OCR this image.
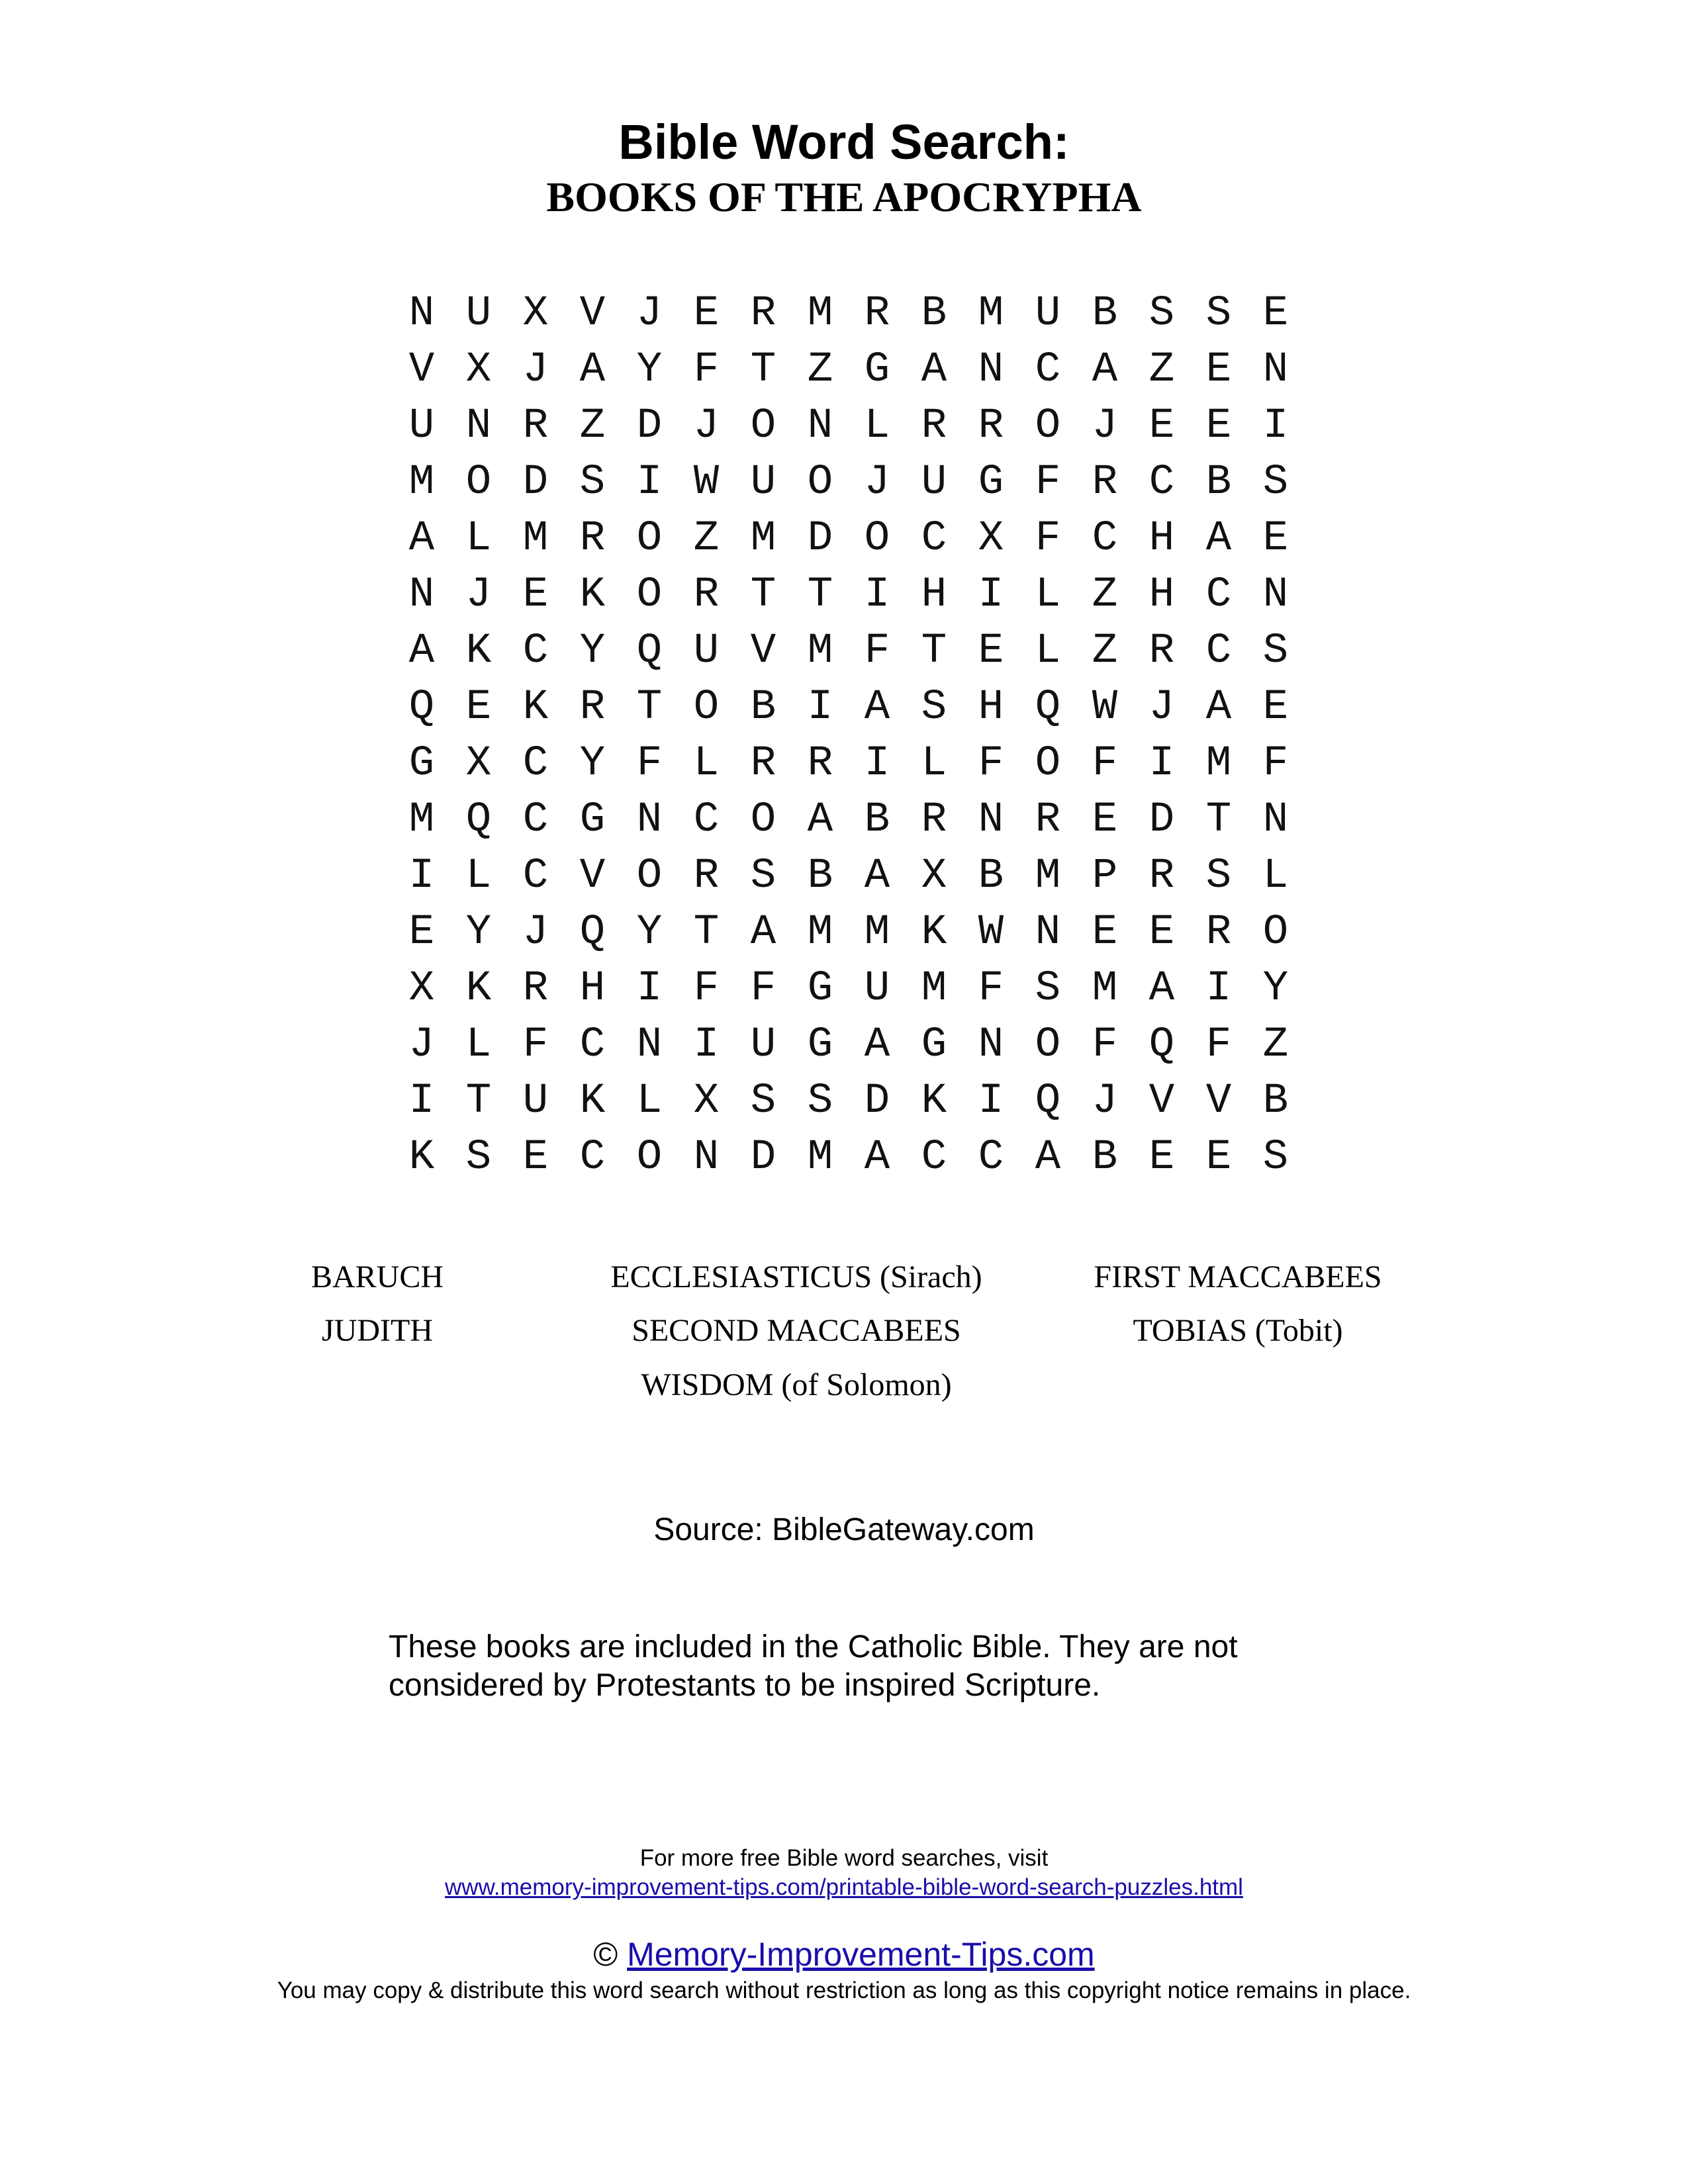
Bible Word Search:
BOOKS OF THE APOCRYPHA
N U X V J E R M R B M U B S S E
V X J A Y F T Z G A N C A Z E N
U N R Z D J O N L R R O J E E I
M O D S I W U O J U G F R C B S
A L M R O Z M D O C X F C H A E
N J E K O R T T I H I L Z H C N
A K C Y Q U V M F T E L Z R C S
Q E K R T O B I A S H Q W J A E
G X C Y F L R R I L F O F I M F
M Q C G N C O A B R N R E D T N
I L C V O R S B A X B M P R S L
E Y J Q Y T A M M K W N E E R O
X K R H I F F G U M F S M A I Y
J L F C N I U G A G N O F Q F Z
I T U K L X S S D K I Q J V V B
K S E C O N D M A C C A B E E S
BARUCH	ECCLESIASTICUS (Sirach)	FIRST MACCABEES
JUDITH	SECOND MACCABEES	TOBIAS (Tobit)
WISDOM (of Solomon)
Source: BibleGateway.com
These books are included in the Catholic Bible. They are not
considered by Protestants to be inspired Scripture.
For more free Bible word searches, visit
www.memory-improvement-tips.com/printable-bible-word-search-puzzles.html
© Memory-Improvement-Tips.com
You may copy & distribute this word search without restriction as long as this copyright notice remains in place.
